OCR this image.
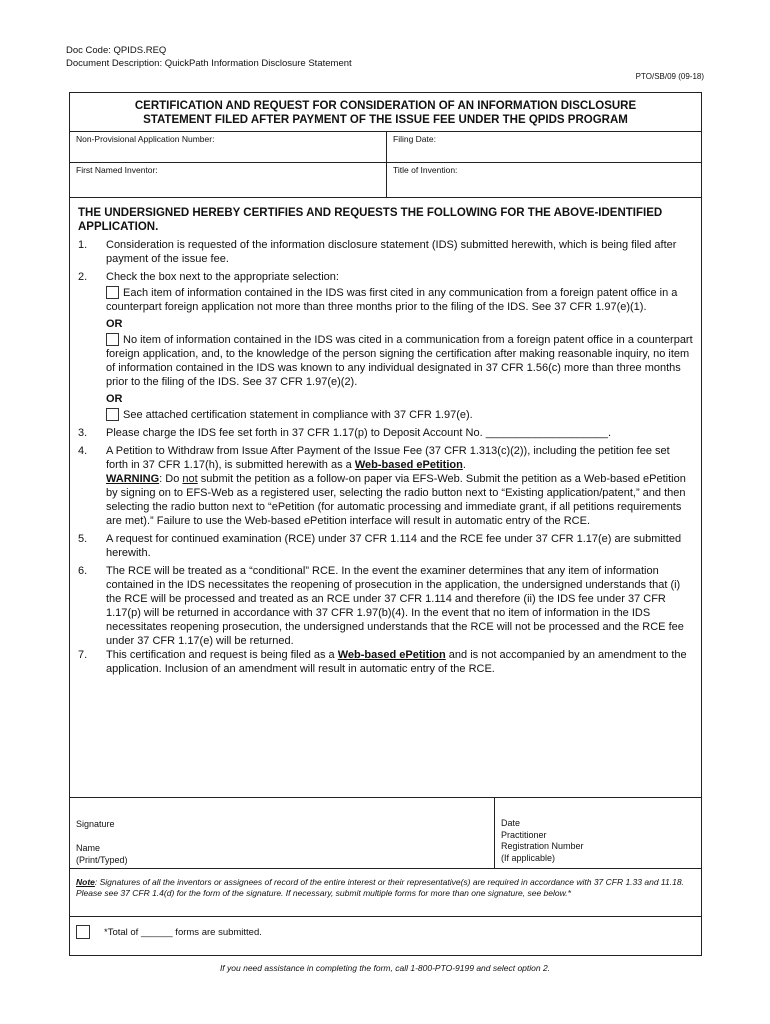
Doc Code: QPIDS.REQ
Document Description: QuickPath Information Disclosure Statement
PTO/SB/09 (09-18)
CERTIFICATION AND REQUEST FOR CONSIDERATION OF AN INFORMATION DISCLOSURE
STATEMENT FILED AFTER PAYMENT OF THE ISSUE FEE UNDER THE QPIDS PROGRAM
Non-Provisional Application Number:	Filing Date:
First Named Inventor:	Title of Invention:
THE UNDERSIGNED HEREBY CERTIFIES AND REQUESTS THE FOLLOWING FOR THE ABOVE-IDENTIFIED APPLICATION.
1.	Consideration is requested of the information disclosure statement (IDS) submitted herewith, which is being filed after payment of the issue fee.
2.	Check the box next to the appropriate selection:
Each item of information contained in the IDS was first cited in any communication from a foreign patent office in a counterpart foreign application not more than three months prior to the filing of the IDS. See 37 CFR 1.97(e)(1).
OR
No item of information contained in the IDS was cited in a communication from a foreign patent office in a counterpart foreign application, and, to the knowledge of the person signing the certification after making reasonable inquiry, no item of information contained in the IDS was known to any individual designated in 37 CFR 1.56(c) more than three months prior to the filing of the IDS. See 37 CFR 1.97(e)(2).
OR
See attached certification statement in compliance with 37 CFR 1.97(e).
3.	Please charge the IDS fee set forth in 37 CFR 1.17(p) to Deposit Account No. ____________________.
4.	A Petition to Withdraw from Issue After Payment of the Issue Fee (37 CFR 1.313(c)(2)), including the petition fee set forth in 37 CFR 1.17(h), is submitted herewith as a Web-based ePetition.
WARNING: Do not submit the petition as a follow-on paper via EFS-Web. Submit the petition as a Web-based ePetition by signing on to EFS-Web as a registered user, selecting the radio button next to “Existing application/patent,” and then selecting the radio button next to “ePetition (for automatic processing and immediate grant, if all petitions requirements are met).” Failure to use the Web-based ePetition interface will result in automatic entry of the RCE.
5.	A request for continued examination (RCE) under 37 CFR 1.114 and the RCE fee under 37 CFR 1.17(e) are submitted herewith.
6.	The RCE will be treated as a “conditional” RCE. In the event the examiner determines that any item of information contained in the IDS necessitates the reopening of prosecution in the application, the undersigned understands that (i) the RCE will be processed and treated as an RCE under 37 CFR 1.114 and therefore (ii) the IDS fee under 37 CFR 1.17(p) will be returned in accordance with 37 CFR 1.97(b)(4). In the event that no item of information in the IDS necessitates reopening prosecution, the undersigned understands that the RCE will not be processed and the RCE fee under 37 CFR 1.17(e) will be returned.
7.	This certification and request is being filed as a Web-based ePetition and is not accompanied by an amendment to the application. Inclusion of an amendment will result in automatic entry of the RCE.
Signature
Name
(Print/Typed)
Date
Practitioner
Registration Number
(If applicable)
Note: Signatures of all the inventors or assignees of record of the entire interest or their representative(s) are required in accordance with 37 CFR 1.33 and 11.18. Please see 37 CFR 1.4(d) for the form of the signature. If necessary, submit multiple forms for more than one signature, see below.*
*Total of ______ forms are submitted.
If you need assistance in completing the form, call 1-800-PTO-9199 and select option 2.
